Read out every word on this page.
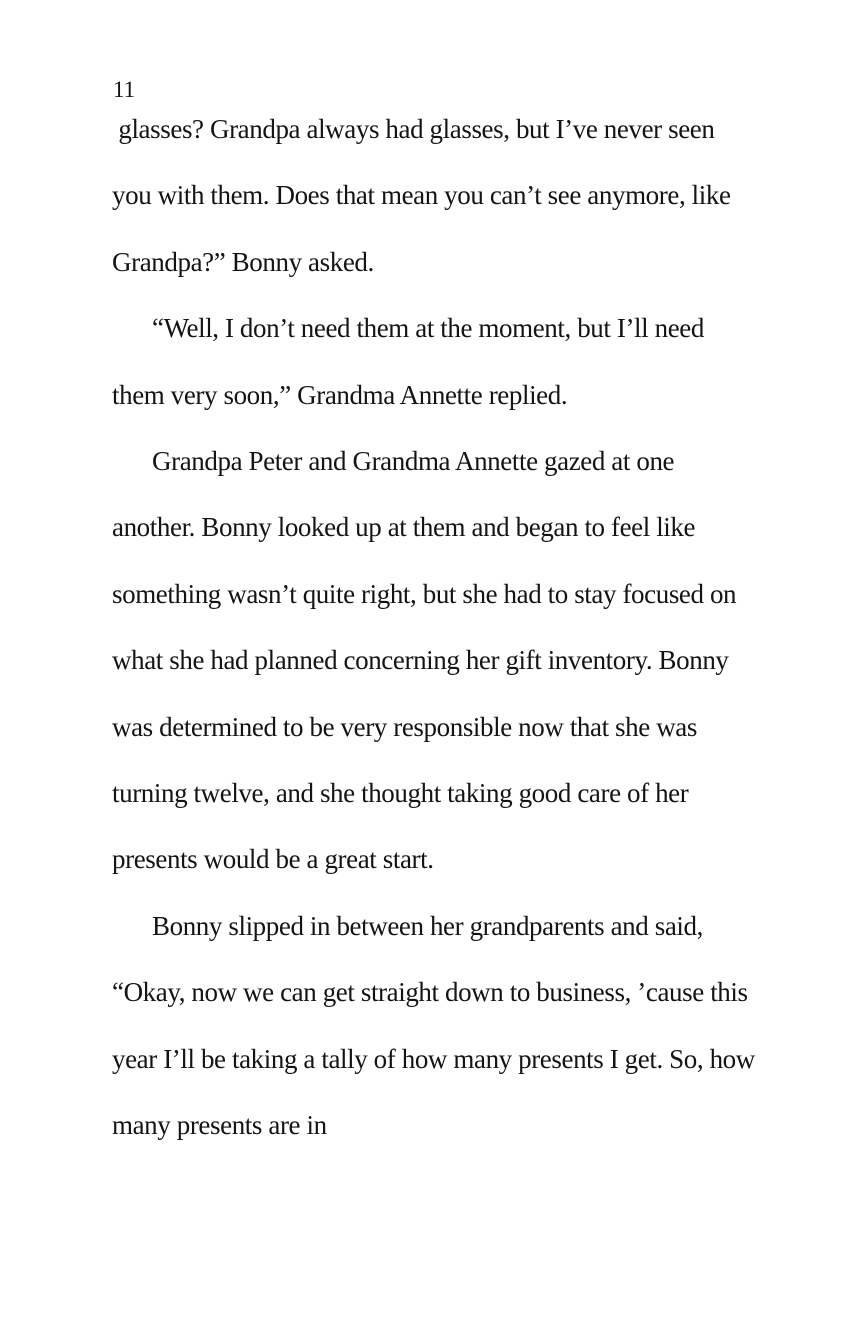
11

glasses? Grandpa always had glasses, but I’ve never seen you with them. Does that mean you can’t see anymore, like Grandpa?” Bonny asked.

“Well, I don’t need them at the moment, but I’ll need them very soon,” Grandma Annette replied.

Grandpa Peter and Grandma Annette gazed at one another. Bonny looked up at them and began to feel like something wasn’t quite right, but she had to stay focused on what she had planned concerning her gift inventory. Bonny was determined to be very responsible now that she was turning twelve, and she thought taking good care of her presents would be a great start.

Bonny slipped in between her grandparents and said, “Okay, now we can get straight down to business, ’cause this year I’ll be taking a tally of how many presents I get. So, how many presents are in
